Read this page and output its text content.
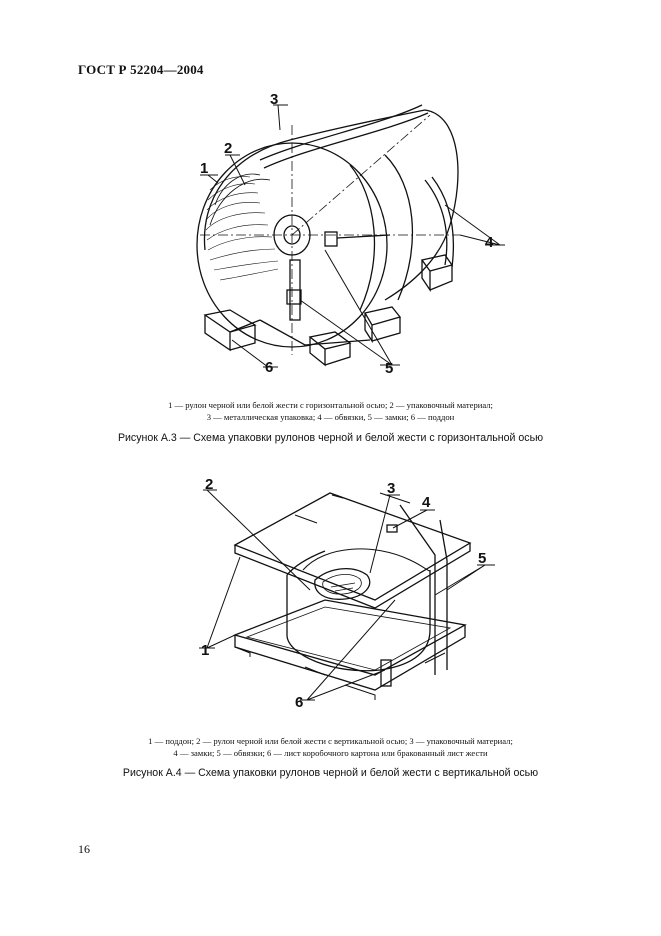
ГОСТ Р 52204—2004
1
2
3
4
5
6
1 — рулон черной или белой жести с горизонтальной осью; 2 — упаковочный материал;
3 — металлическая упаковка; 4 — обвязки, 5 — замки; 6 — поддон
Рисунок А.3 — Схема упаковки рулонов черной и белой жести с горизонтальной осью
2	3
4
5
1
6
1 — поддон; 2 — рулон черной или белой жести с вертикальной осью; 3 — упаковочный материал;
4 — замки; 5 — обвязки; 6 — лист коробочного картона или бракованный лист жести
Рисунок А.4 — Схема упаковки рулонов черной и белой жести с вертикальной осью
16
